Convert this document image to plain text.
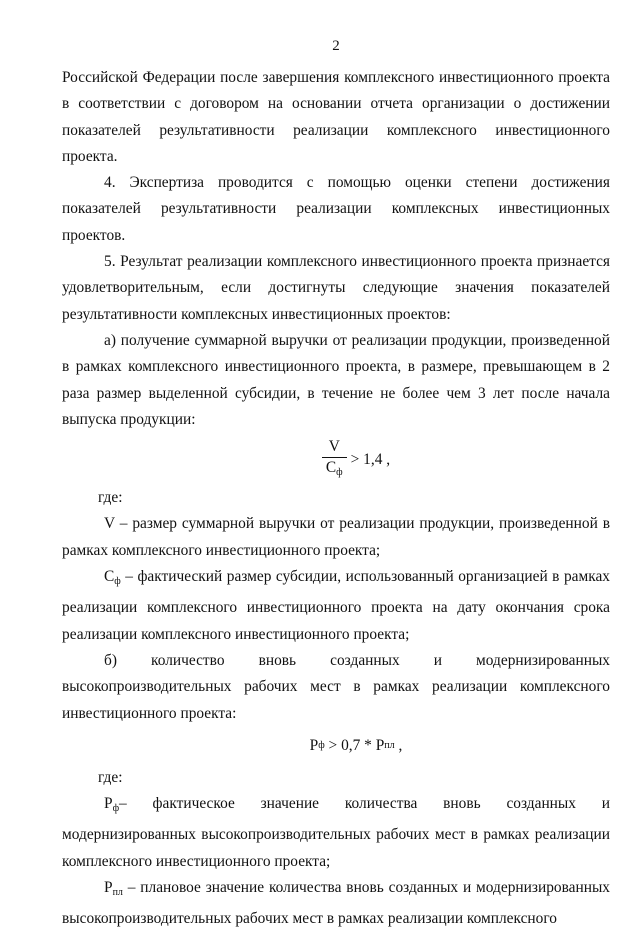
2

Российской Федерации после завершения комплексного инвестиционного проекта в соответствии с договором на основании отчета организации о достижении показателей результативности реализации комплексного инвестиционного проекта.

4. Экспертиза проводится с помощью оценки степени достижения показателей результативности реализации комплексных инвестиционных проектов.

5. Результат реализации комплексного инвестиционного проекта признается удовлетворительным, если достигнуты следующие значения показателей результативности комплексных инвестиционных проектов:

а) получение суммарной выручки от реализации продукции, произведенной в рамках комплексного инвестиционного проекта, в размере, превышающем в 2 раза размер выделенной субсидии, в течение не более чем 3 лет после начала выпуска продукции:

$\frac{V}{С_ф} > 1,4$ ,

где:

V – размер суммарной выручки от реализации продукции, произведенной в рамках комплексного инвестиционного проекта;

$С_ф$ – фактический размер субсидии, использованный организацией в рамках реализации комплексного инвестиционного проекта на дату окончания срока реализации комплексного инвестиционного проекта;

б) количество вновь созданных и модернизированных высокопроизводительных рабочих мест в рамках реализации комплексного инвестиционного проекта:

Р ф > 0,7 * Р пл ,

где:

$Р_ф-$ фактическое значение количества вновь созданных и модернизированных высокопроизводительных рабочих мест в рамках реализации комплексного инвестиционного проекта;

$Р_{пл}$ – плановое значение количества вновь созданных и модернизированных высокопроизводительных рабочих мест в рамках реализации комплексного
